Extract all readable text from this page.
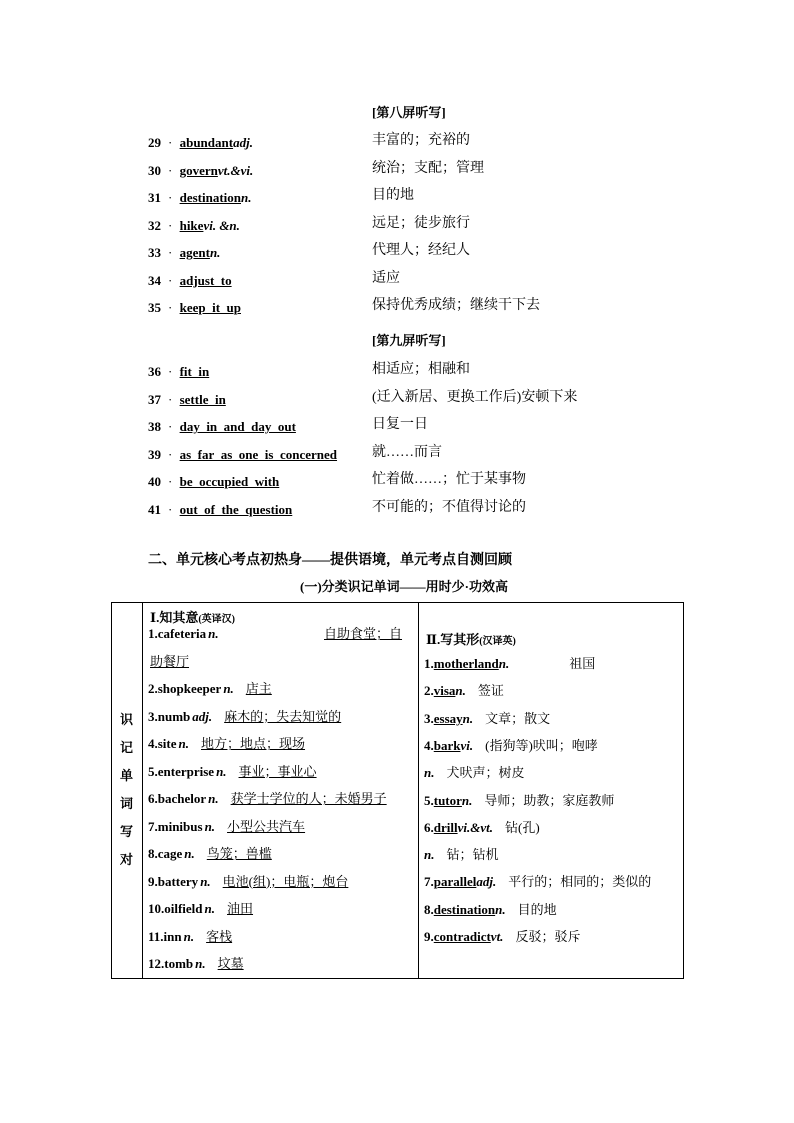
[第八屏听写]
29 · abundantadj.	丰富的；充裕的
30 · governvt.&vi.	统治；支配；管理
31 · destinationn.	目的地
32 · hikevi. &n.	远足；徒步旅行
33 · agentn.	代理人；经纪人
34 · adjust_to	适应
35 · keep_it_up	保持优秀成绩；继续干下去
[第九屏听写]
36 · fit_in	相适应；相融和
37 · settle_in	(迁入新居、更换工作后)安顿下来
38 · day_in_and_day_out	日复一日
39 · as_far_as_one_is_concerned 就……而言
40 · be_occupied_with	忙着做……；忙于某事物
41 · out_of_the_question	不可能的；不值得讨论的
二、单元核心考点初热身——提供语境，单元考点自测回顾
(一)分类识记单词——用时少·功效高
识
记
单
词
写
对
Ⅰ.知其意(英译汉)
Ⅱ.写其形(汉译英)
1.cafeteria n.	自助食堂；自
助餐厅
2.shopkeeper n. 店主
3.numb adj. 麻木的；失去知觉的
4.site n. 地方；地点；现场
5.enterprise n. 事业；事业心
6.bachelor n. 获学士学位的人；未婚男子
7.minibus n. 小型公共汽车
8.cage n. 鸟笼；兽槛
9.battery n. 电池(组)；电瓶；炮台
10.oilfield n. 油田
11.inn n. 客栈
12.tomb n. 坟墓
1.motherlandn.	祖国
2.visan. 签证
3.essayn. 文章；散文
4.barkvi. (指狗等)吠叫；咆哮
n. 犬吠声；树皮
5.tutorn. 导师；助教；家庭教师
6.drillvi.&vt. 钻(孔)
n. 钻；钻机
7.paralleladj. 平行的；相同的；类似的
8.destinationn. 目的地
9.contradictvt. 反驳；驳斥
